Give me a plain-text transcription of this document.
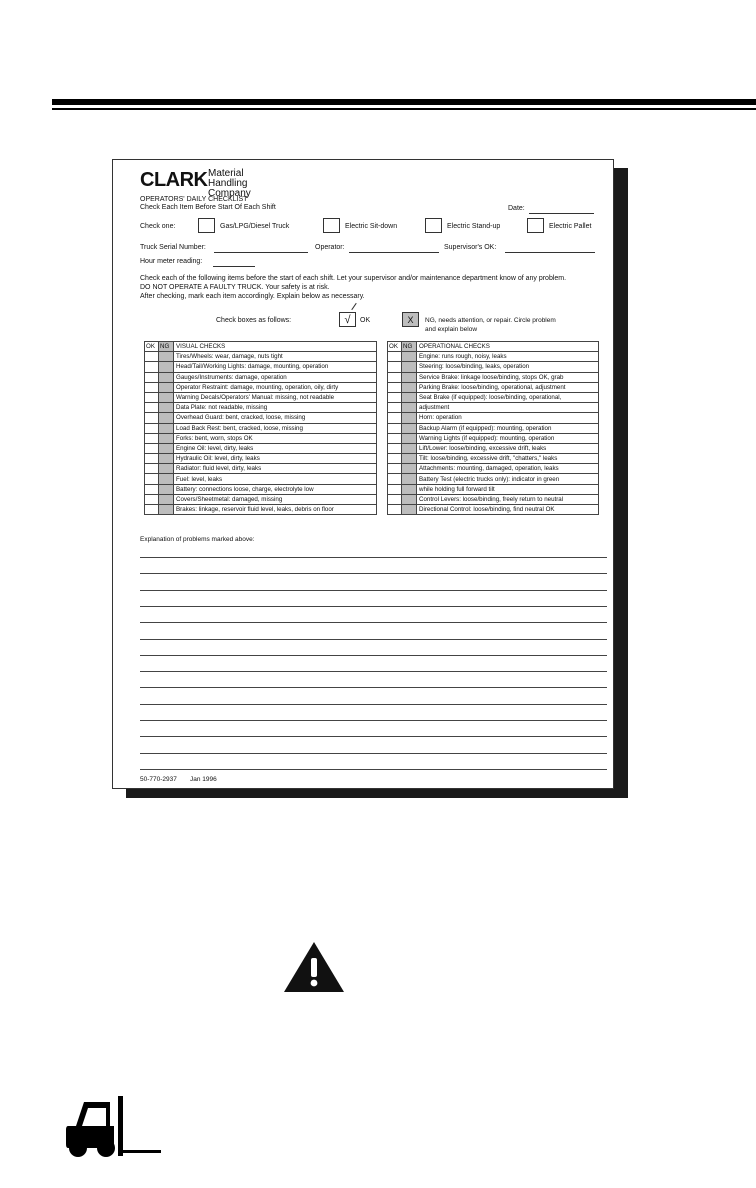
CLARK Material Handling
Company
OPERATORS' DAILY CHECKLIST
Check Each Item Before Start Of Each Shift	Date:
Check one:	Gas/LPG/Diesel Truck	Electric Sit-down	Electric Stand-up	Electric Pallet
Truck Serial Number:	Operator:	Supervisor's OK:
Hour meter reading:
Check each of the following items before the start of each shift. Let your supervisor and/or maintenance department know of any problem.
DO NOT OPERATE A FAULTY TRUCK. Your safety is at risk.
After checking, mark each item accordingly. Explain below as necessary.
Check boxes as follows:	√	OK	X	NG, needs attention, or repair. Circle problem
and explain below
OK	NG	VISUAL CHECKS
		Tires/Wheels: wear, damage, nuts tight
		Head/Tail/Working Lights: damage, mounting, operation
		Gauges/Instruments: damage, operation
		Operator Restraint: damage, mounting, operation, oily, dirty
		Warning Decals/Operators' Manual: missing, not readable
		Data Plate: not readable, missing
		Overhead Guard: bent, cracked, loose, missing
		Load Back Rest: bent, cracked, loose, missing
		Forks: bent, worn, stops OK
		Engine Oil: level, dirty, leaks
		Hydraulic Oil: level, dirty, leaks
		Radiator: fluid level, dirty, leaks
		Fuel: level, leaks
		Battery: connections loose, charge, electrolyte low
		Covers/Sheetmetal: damaged, missing
		Brakes: linkage, reservoir fluid level, leaks, debris on floor
OK	NG	OPERATIONAL CHECKS
		Engine: runs rough, noisy, leaks
		Steering: loose/binding, leaks, operation
		Service Brake: linkage loose/binding, stops OK, grab
		Parking Brake: loose/binding, operational, adjustment
		Seat Brake (if equipped): loose/binding, operational,
		adjustment
		Horn: operation
		Backup Alarm (if equipped): mounting, operation
		Warning Lights (if equipped): mounting, operation
		Lift/Lower: loose/binding, excessive drift, leaks
		Tilt: loose/binding, excessive drift, "chatters," leaks
		Attachments: mounting, damaged, operation, leaks
		Battery Test (electric trucks only): indicator in green
		while holding full forward tilt
		Control Levers: loose/binding, freely return to neutral
		Directional Control: loose/binding, find neutral OK
Explanation of problems marked above:
50-770-2937 Jan 1996
